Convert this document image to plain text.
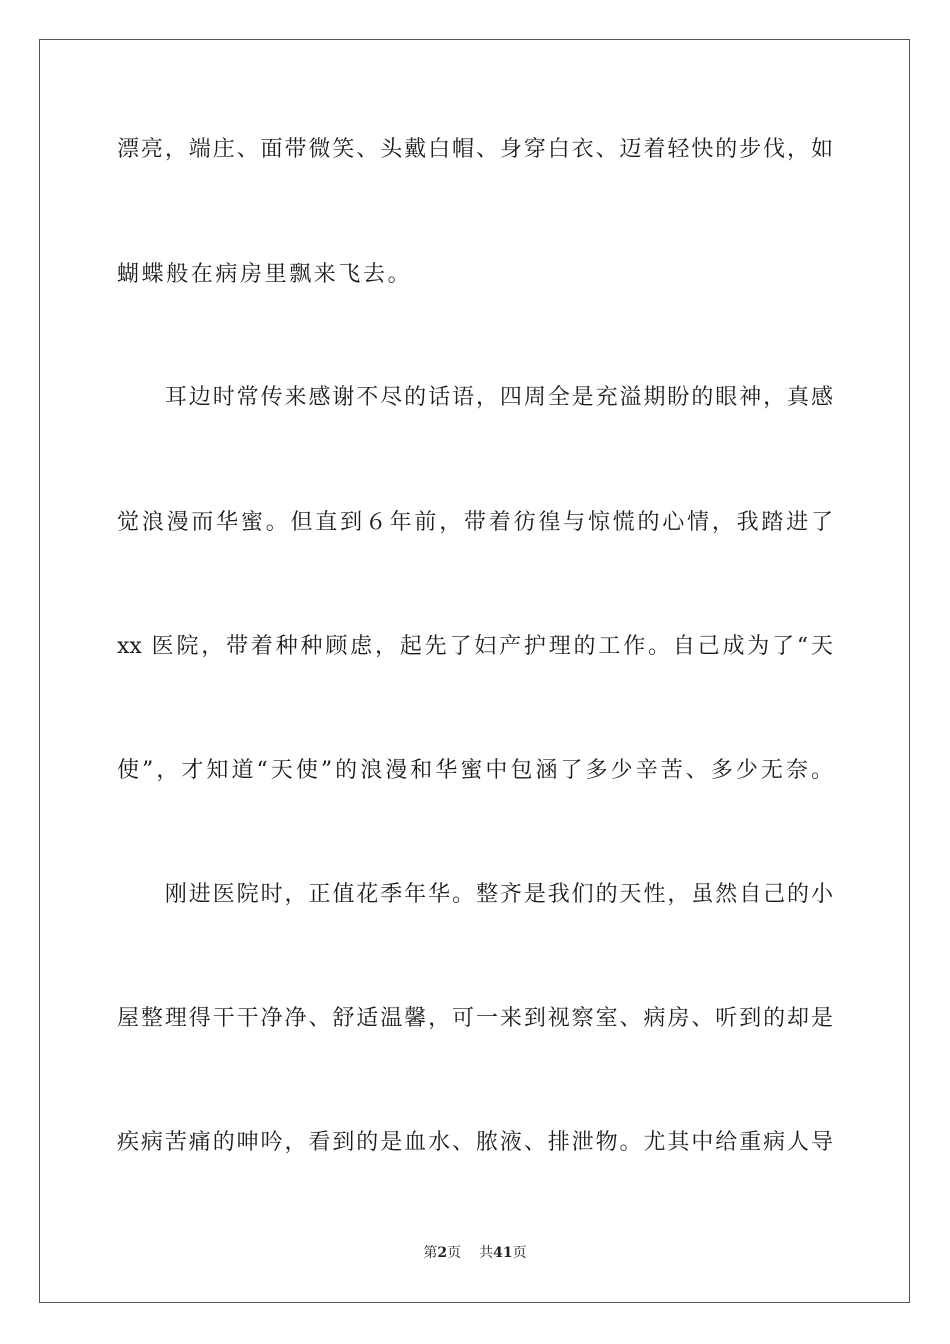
漂亮，端庄、面带微笑、头戴白帽、身穿白衣、迈着轻快的步伐，如
蝴蝶般在病房里飘来飞去。
　　耳边时常传来感谢不尽的话语，四周全是充溢期盼的眼神，真感
觉浪漫而华蜜。但直到６年前，带着彷徨与惊慌的心情，我踏进了
xx 医院，带着种种顾虑，起先了妇产护理的工作。自己成为了“天
使”，才知道“天使”的浪漫和华蜜中包涵了多少辛苦、多少无奈。
　　刚进医院时，正值花季年华。整齐是我们的天性，虽然自己的小
屋整理得干干净净、舒适温馨，可一来到视察室、病房、听到的却是
疾病苦痛的呻吟，看到的是血水、脓液、排泄物。尤其中给重病人导
第2页 共41页
